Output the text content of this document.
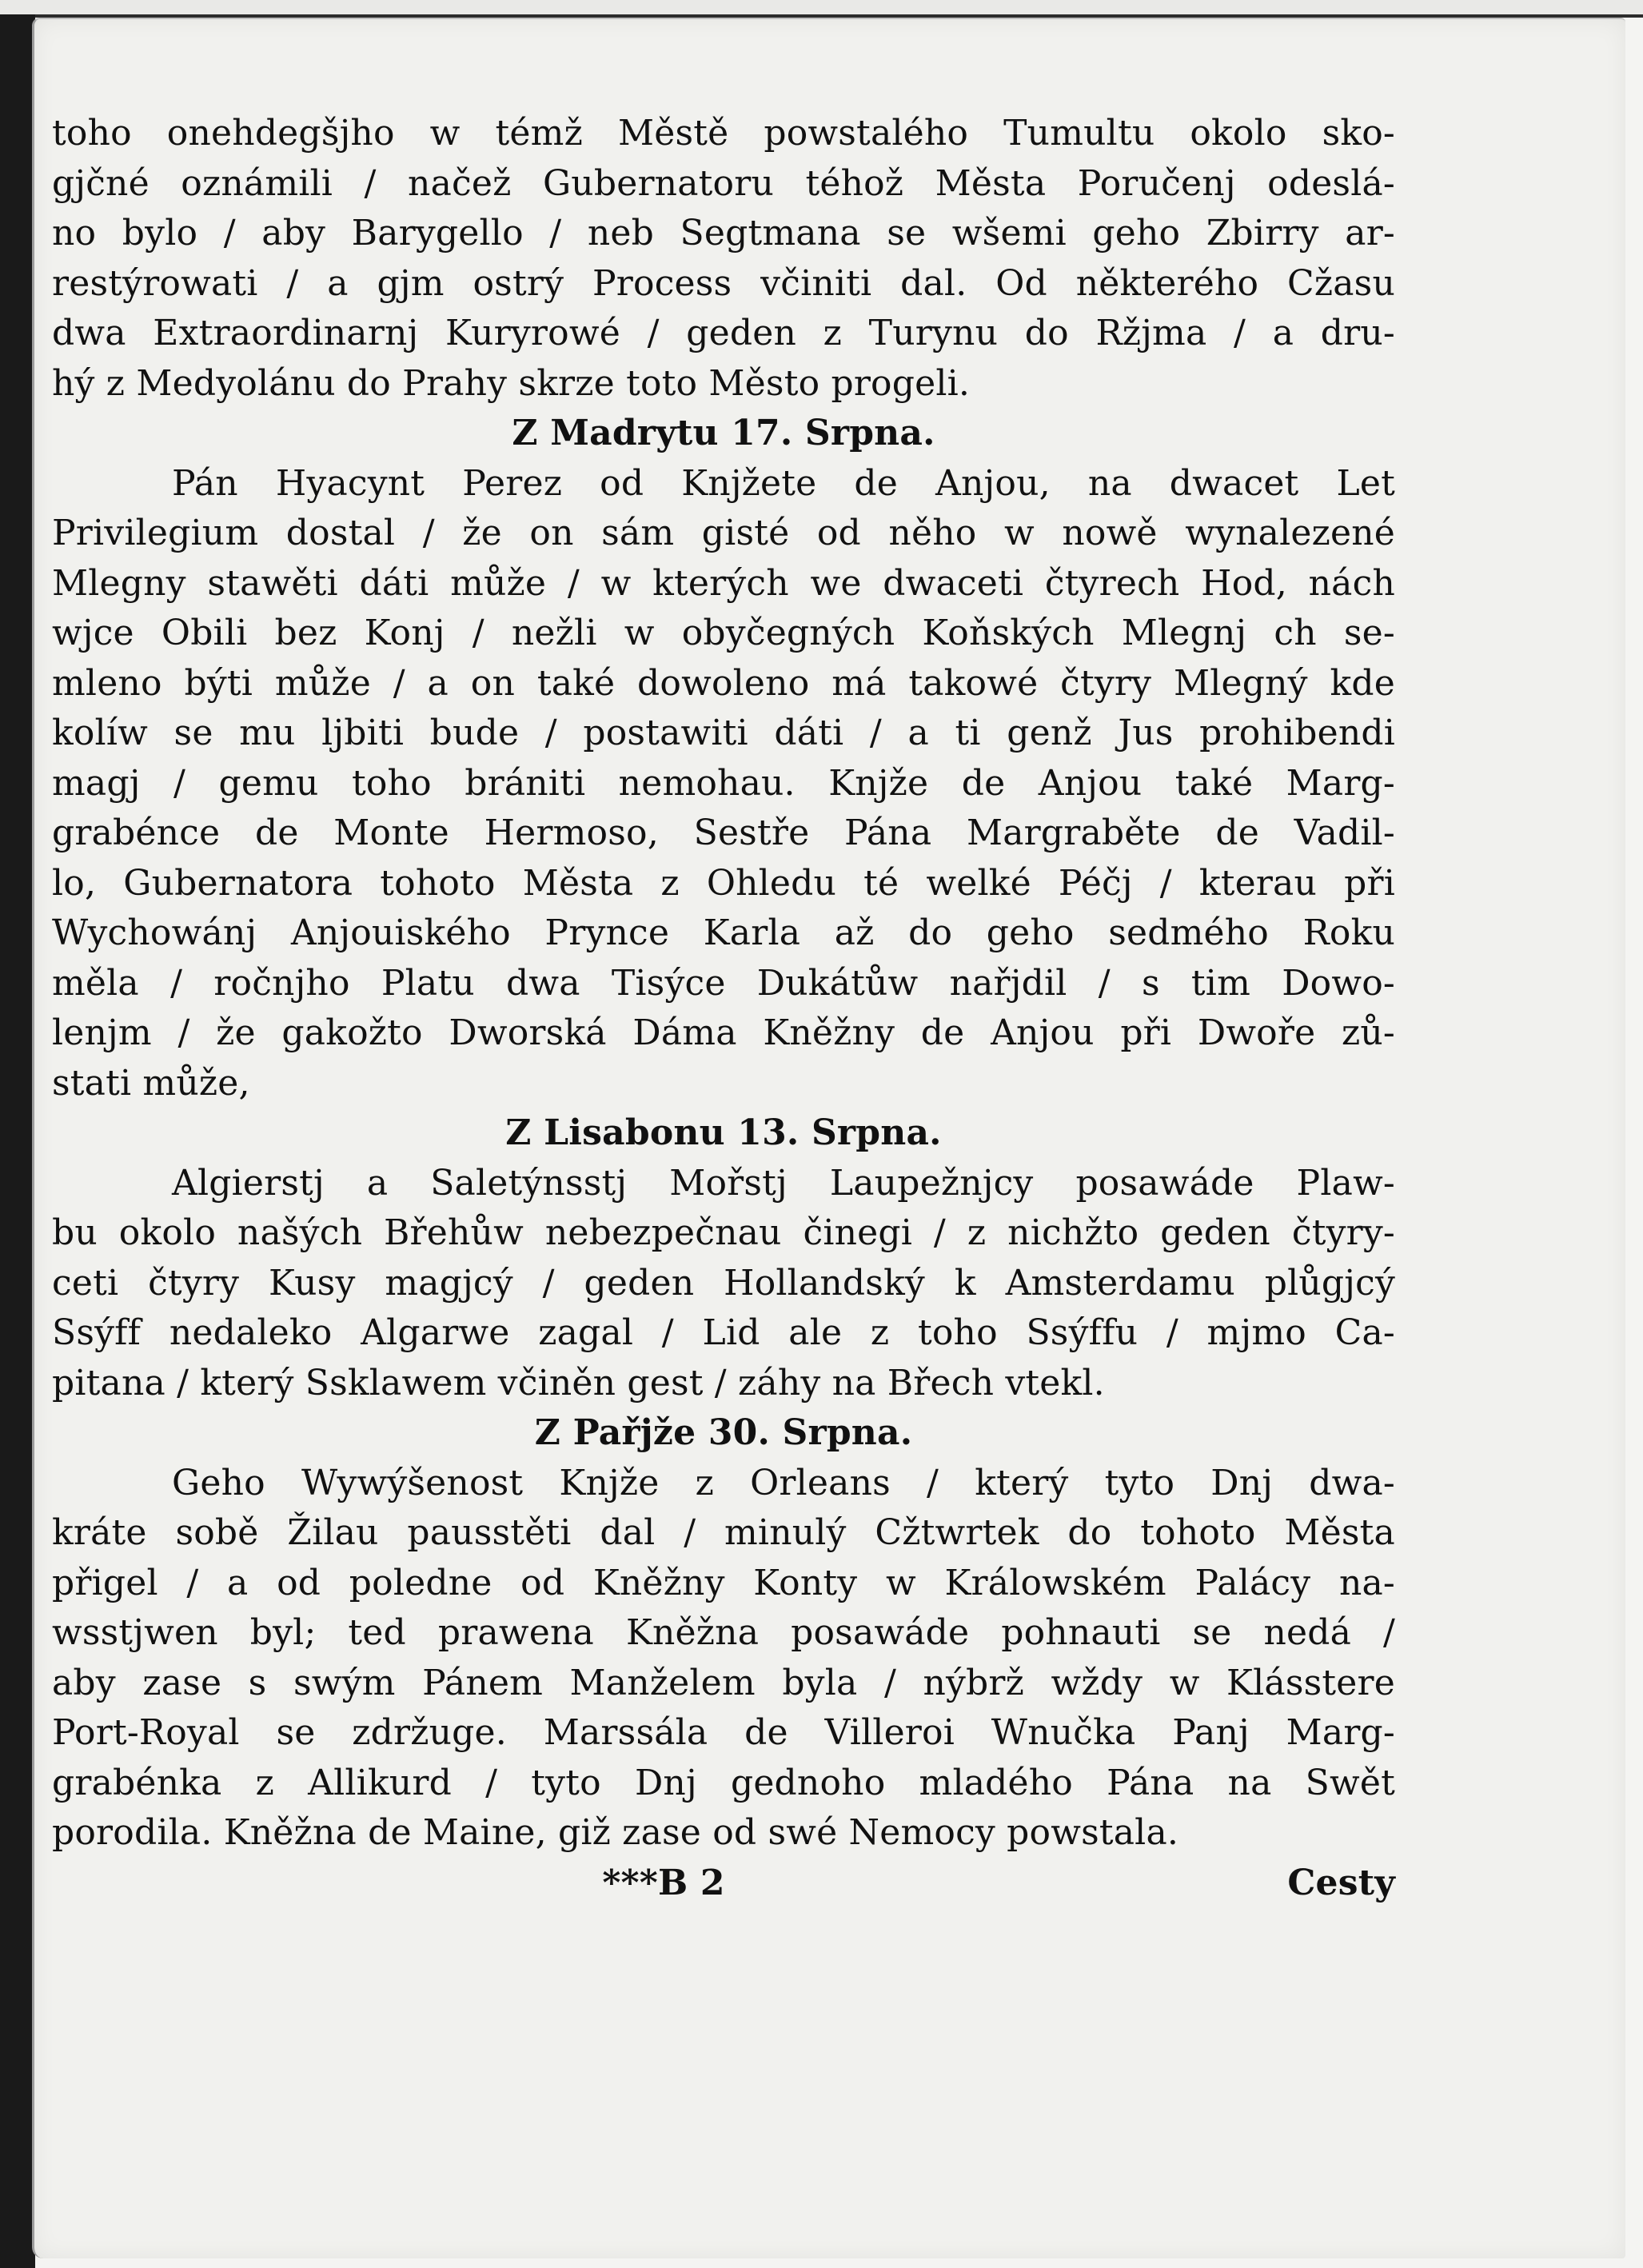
toho onehdegšjho w témž Městě powstalého Tumultu okolo sko-
gjčné oznámili / načež Gubernatoru téhož Města Poručenj odeslá-
no bylo / aby Barygello / neb Segtmana se wšemi geho Zbirry ar-
restýrowati / a gjm ostrý Process včiniti dal. Od některého Cžasu
dwa Extraordinarnj Kuryrowé / geden z Turynu do Ržjma / a dru-
hý z Medyolánu do Prahy skrze toto Město progeli.
Z Madrytu 17. Srpna.
Pán Hyacynt Perez od Knjžete de Anjou, na dwacet Let
Privilegium dostal / že on sám gisté od něho w nowě wynalezené
Mlegny stawěti dáti může / w kterých we dwaceti čtyrech Hod, nách
wjce Obili bez Konj / nežli w obyčegných Koňských Mlegnj ch se-
mleno býti může / a on také dowoleno má takowé čtyry Mlegný kde
kolíw se mu ljbiti bude / postawiti dáti / a ti genž Jus prohibendi
magj / gemu toho brániti nemohau. Knjže de Anjou také Marg-
grabénce de Monte Hermoso, Sestře Pána Margraběte de Vadil-
lo, Gubernatora tohoto Města z Ohledu té welké Péčj / kterau při
Wychowánj Anjouiského Prynce Karla až do geho sedmého Roku
měla / ročnjho Platu dwa Tisýce Dukátůw nařjdil / s tim Dowo-
lenjm / že gakožto Dworská Dáma Kněžny de Anjou při Dwoře zů-
stati může,
Z Lisabonu 13. Srpna.
Algierstj a Saletýnsstj Mořstj Laupežnjcy posawáde Plaw-
bu okolo našých Břehůw nebezpečnau činegi / z nichžto geden čtyry-
ceti čtyry Kusy magjcý / geden Hollandský k Amsterdamu plůgjcý
Ssýff nedaleko Algarwe zagal / Lid ale z toho Ssýffu / mjmo Ca-
pitana / který Ssklawem včiněn gest / záhy na Břech vtekl.
Z Pařjže 30. Srpna.
Geho Wywýšenost Knjže z Orleans / který tyto Dnj dwa-
kráte sobě Žilau pausstěti dal / minulý Cžtwrtek do tohoto Města
přigel / a od poledne od Kněžny Konty w Králowském Palácy na-
wsstjwen byl; ted prawena Kněžna posawáde pohnauti se nedá /
aby zase s swým Pánem Manželem byla / nýbrž wždy w Klásstere
Port-Royal se zdržuge. Marssála de Villeroi Wnučka Panj Marg-
grabénka z Allikurd / tyto Dnj gednoho mladého Pána na Swět
porodila. Kněžna de Maine, giž zase od swé Nemocy powstala.
***B 2	Cesty
